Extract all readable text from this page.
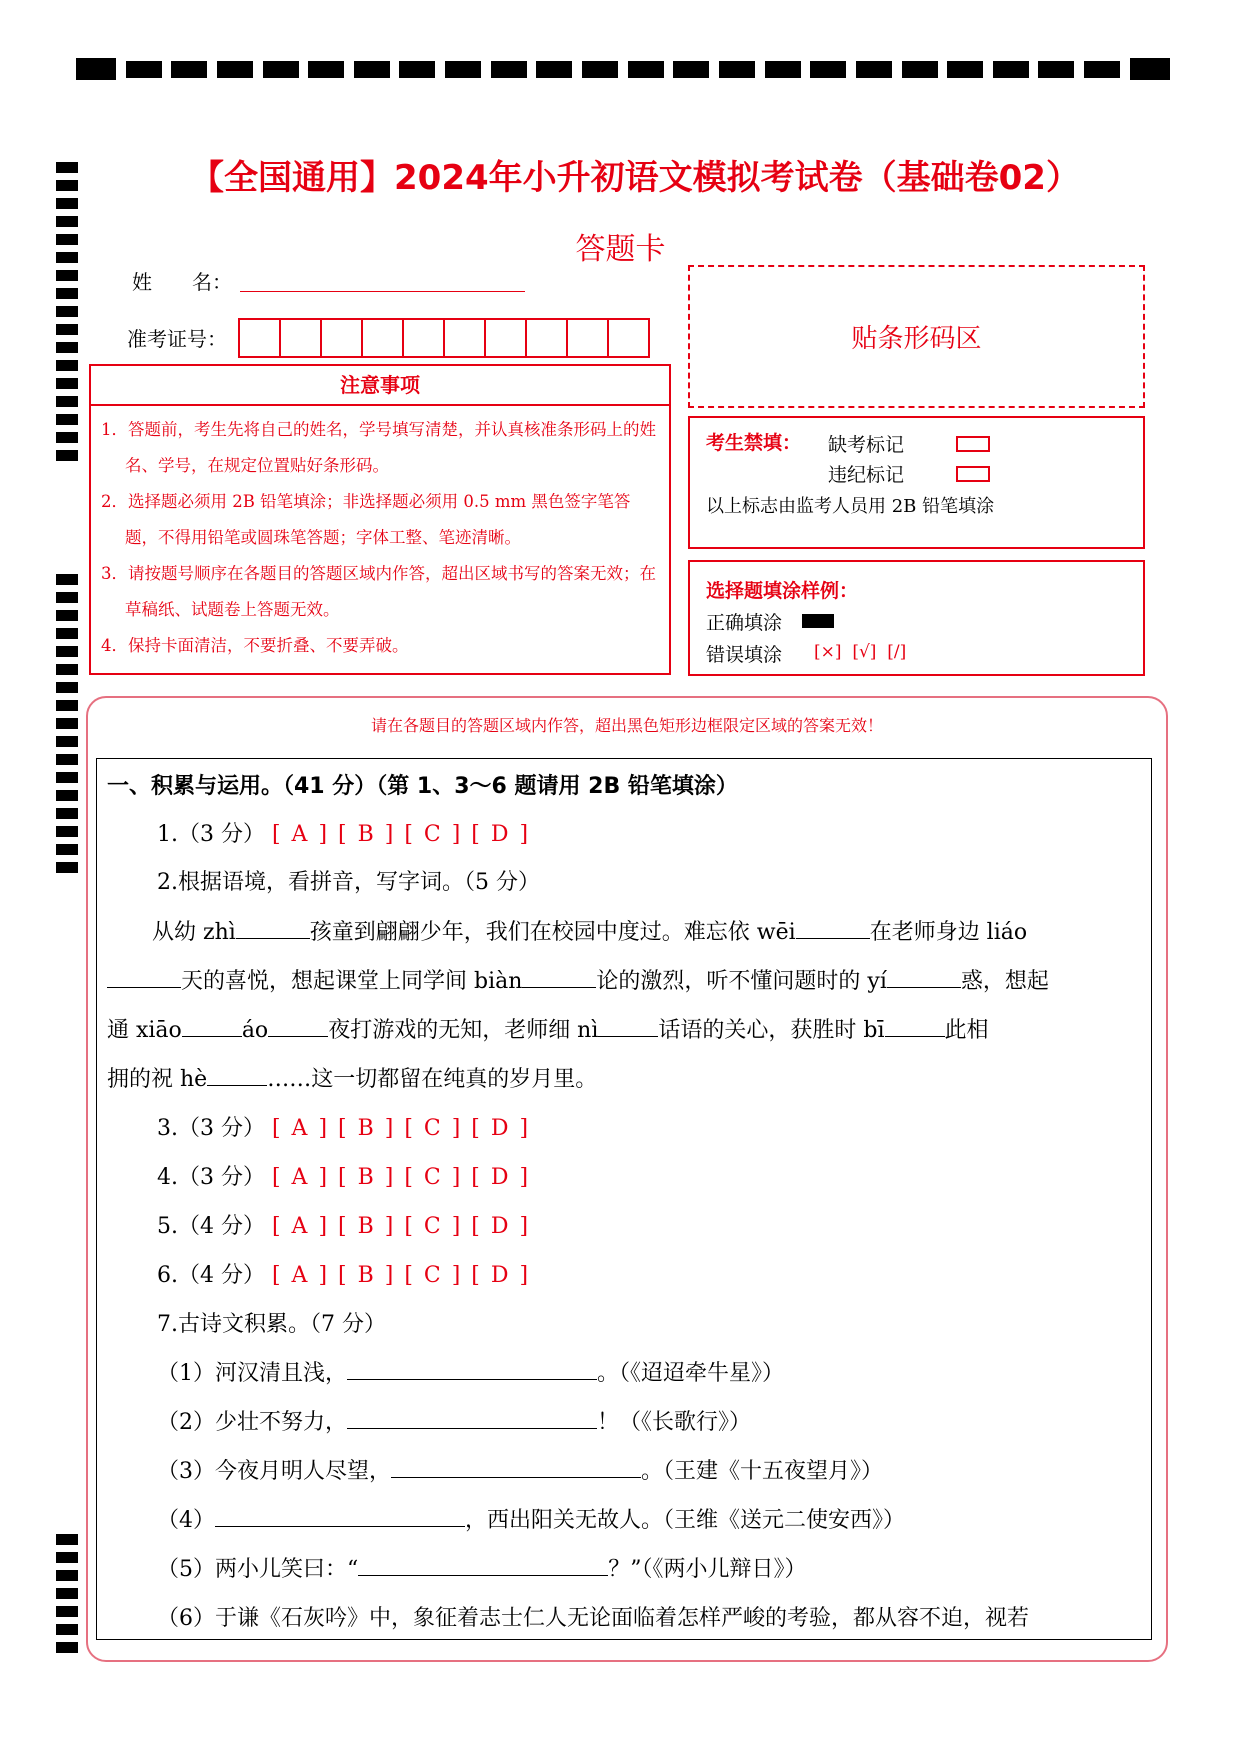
【全国通用】2024年小升初语文模拟考试卷（基础卷02）
答题卡
姓　　名：
准考证号：
注意事项

1．答题前，考生先将自己的姓名，学号填写清楚，并认真核准条形码上的姓名、学号，在规定位置贴好条形码。

2．选择题必须用 2B 铅笔填涂；非选择题必须用 0.5 mm 黑色签字笔答题，不得用铅笔或圆珠笔答题；字体工整、笔迹清晰。

3．请按题号顺序在各题目的答题区域内作答，超出区域书写的答案无效；在草稿纸、试题卷上答题无效。

4．保持卡面清洁，不要折叠、不要弄破。

贴条形码区
考生禁填： 缺考标记
违纪标记
以上标志由监考人员用 2B 铅笔填涂
选择题填涂样例：
正确填涂
错误填涂 [×]  [√]  [/]
请在各题目的答题区域内作答，超出黑色矩形边框限定区域的答案无效！
一、积累与运用。（41 分）（第 1、3～6 题请用 2B 铅笔填涂）
1.（3 分） [ A ] [ B ] [ C ] [ D ]
2.根据语境，看拼音，写字词。（5 分）
从幼 zhì	孩童到翩翩少年，我们在校园中度过。难忘依 wēi	在老师身边 liáo
天的喜悦，想起课堂上同学间 biàn	论的激烈，听不懂问题时的 yí	惑，想起
通 xiāo	áo	夜打游戏的无知，老师细 nì	话语的关心，获胜时 bī	此相
拥的祝 hè	……这一切都留在纯真的岁月里。
3.（3 分） [ A ] [ B ] [ C ] [ D ]
4.（3 分） [ A ] [ B ] [ C ] [ D ]
5.（4 分） [ A ] [ B ] [ C ] [ D ]
6.（4 分） [ A ] [ B ] [ C ] [ D ]
7.古诗文积累。（7 分）
（1）河汉清且浅，	。（《迢迢牵牛星》）
（2）少壮不努力，	！（《长歌行》）
（3）今夜月明人尽望，	。（王建《十五夜望月》）
（4）	，西出阳关无故人。（王维《送元二使安西》）
（5）两小儿笑曰：“	？”（《两小儿辩日》）
（6）于谦《石灰吟》中，象征着志士仁人无论面临着怎样严峻的考验，都从容不迫，视若
